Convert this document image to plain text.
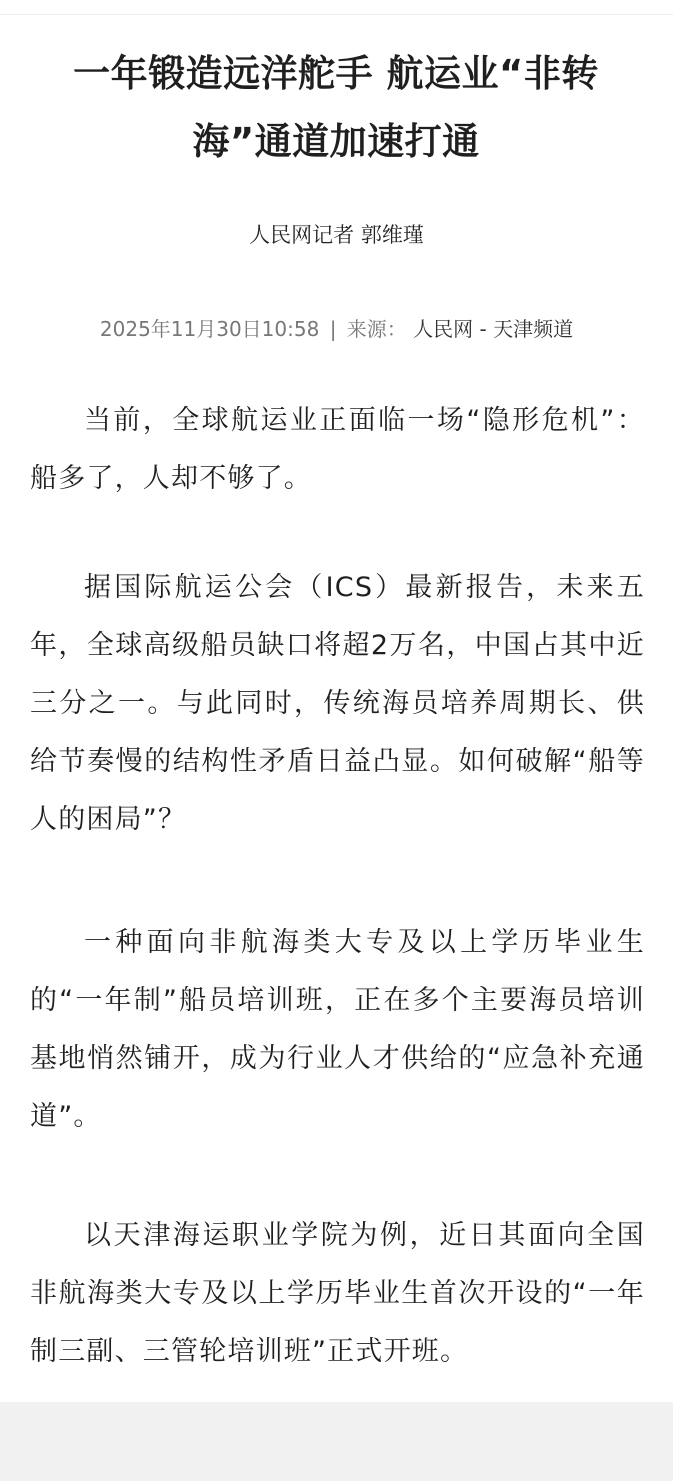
一年锻造远洋舵手 航运业“非转海”通道加速打通
人民网记者 郭维瑾
2025年11月30日10:58 | 来源： 人民网 - 天津频道

当前，全球航运业正面临一场“隐形危机”：船多了，人却不够了。

据国际航运公会（ICS）最新报告，未来五年，全球高级船员缺口将超2万名，中国占其中近三分之一。与此同时，传统海员培养周期长、供给节奏慢的结构性矛盾日益凸显。如何破解“船等人的困局”？

一种面向非航海类大专及以上学历毕业生的“一年制”船员培训班，正在多个主要海员培训基地悄然铺开，成为行业人才供给的“应急补充通道”。

以天津海运职业学院为例，近日其面向全国非航海类大专及以上学历毕业生首次开设的“一年制三副、三管轮培训班”正式开班。
